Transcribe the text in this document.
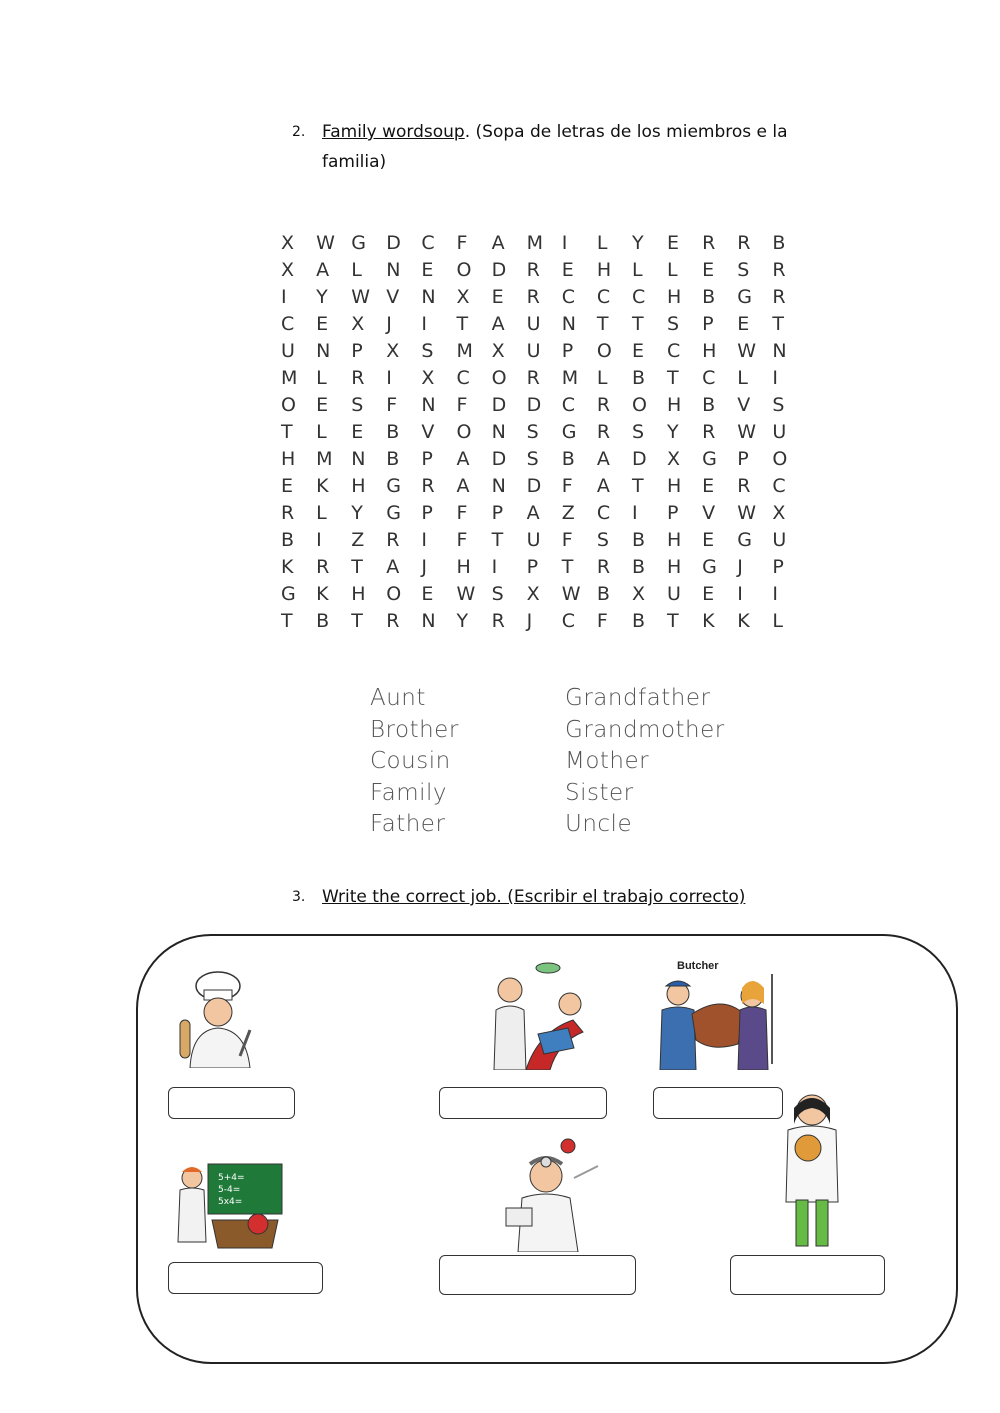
2. Family wordsoup. (Sopa de letras de los miembros e la familia)
X	W G	D	C	F	A	M I	L	Y	E	R	R	B
X	A	L	N	E	O	D	R	E	H	L	L	E	S	R
I	Y	W V	N	X	E	R	C	C	C	H	B	G	R
C	E	X	J	I	T	A	U	N	T	T	S	P	E	T
U	N	P	X	S	M X	U	P	O	E	C	H	W N
M L	R	I	X	C	O	R	M L	B	T	C	L	I
O	E	S	F	N	F	D	D	C	R	O	H	B	V	S
T	L	E	B	V	O	N	S	G	R	S	Y	R	W U
H	M N	B	P	A	D	S	B	A	D	X	G	P	O
E	K	H	G	R	A	N	D	F	A	T	H	E	R	C
R	L	Y	G	P	F	P	A	Z	C	I	P	V	W X
B	I	Z	R	I	F	T	U	F	S	B	H	E	G	U
K	R	T	A	J	H	I	P	T	R	B	H	G	J	P
G	K	H	O	E	W S	X	W B	X	U	E	I	I
T	B	T	R	N	Y	R	J	C	F	B	T	K	K	L
Aunt
Brother
Cousin
Family
Father
Grandfather
Grandmother
Mother
Sister
Uncle
3. Write the correct job. (Escribir el trabajo correcto)
Butcher
5+4=
5-4=
5x4=
